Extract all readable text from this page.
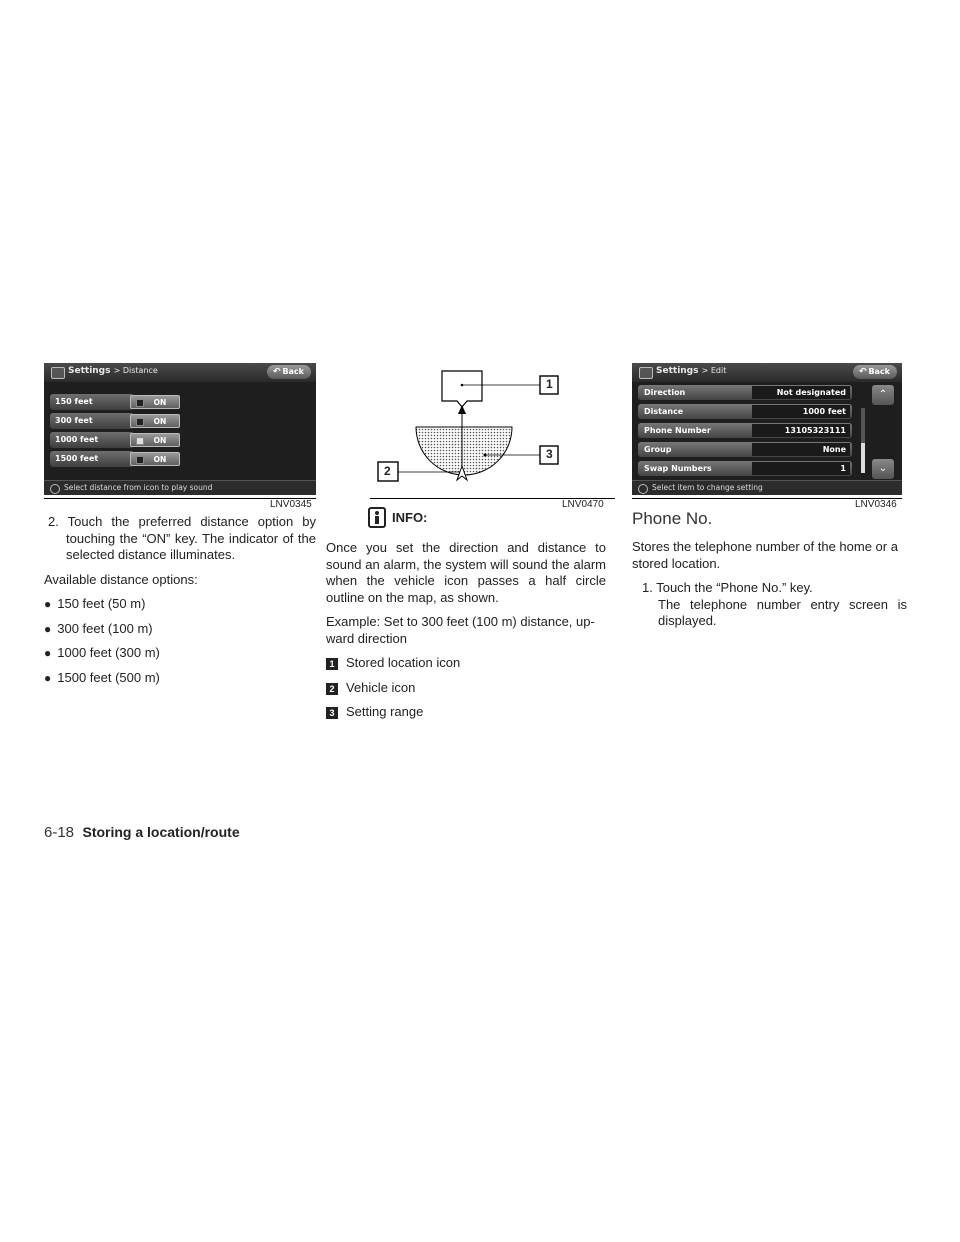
Settings > Distance	↶ Back
150 feet	ON
300 feet	ON
1000 feet	ON
1500 feet	ON
Select distance from icon to play sound
LNV0345
1
3
2
LNV0470
Settings > Edit	↶ Back
Direction	Not designated
Distance	1000 feet
Phone Number	13105323111
Group	None
Swap Numbers	1
⌃
⌄
Select item to change setting
LNV0346

2. Touch the preferred distance option by touching the “ON” key. The indicator of the selected distance illuminates.

Available distance options:

● 150 feet (50 m)

● 300 feet (100 m)

● 1000 feet (300 m)

● 1500 feet (500 m)

INFO:

Once you set the direction and distance to sound an alarm, the system will sound the alarm when the vehicle icon passes a half circle outline on the map, as shown.

Example: Set to 300 feet (100 m) distance, up-ward direction

1 Stored location icon

2 Vehicle icon

3 Setting range

Phone No.

Stores the telephone number of the home or a stored location.

1. Touch the “Phone No.” key.

The telephone number entry screen is displayed.

6-18 Storing a location/route
